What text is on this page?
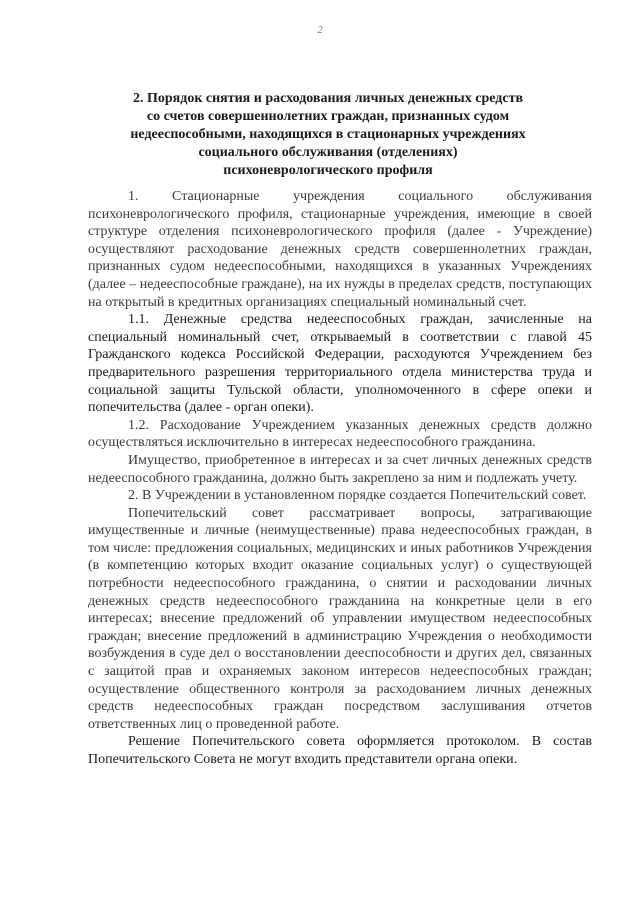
2
2. Порядок снятия и расходования личных денежных средств
со счетов совершеннолетних граждан, признанных судом
недееспособными, находящихся в стационарных учреждениях
социального обслуживания (отделениях)
психоневрологического профиля

1. Стационарные учреждения социального обслуживания психоневрологического профиля, стационарные учреждения, имеющие в своей структуре отделения психоневрологического профиля (далее - Учреждение) осуществляют расходование денежных средств совершеннолетних граждан, признанных судом недееспособными, находящихся в указанных Учреждениях (далее – недееспособные граждане), на их нужды в пределах средств, поступающих на открытый в кредитных организациях специальный номинальный счет.

1.1. Денежные средства недееспособных граждан, зачисленные на специальный номинальный счет, открываемый в соответствии с главой 45 Гражданского кодекса Российской Федерации, расходуются Учреждением без предварительного разрешения территориального отдела министерства труда и социальной защиты Тульской области, уполномоченного в сфере опеки и попечительства (далее - орган опеки).

1.2. Расходование Учреждением указанных денежных средств должно осуществляться исключительно в интересах недееспособного гражданина.

Имущество, приобретенное в интересах и за счет личных денежных средств недееспособного гражданина, должно быть закреплено за ним и подлежать учету.

2. В Учреждении в установленном порядке создается Попечительский совет.

Попечительский совет рассматривает вопросы, затрагивающие имущественные и личные (неимущественные) права недееспособных граждан, в том числе: предложения социальных, медицинских и иных работников Учреждения (в компетенцию которых входит оказание социальных услуг) о существующей потребности недееспособного гражданина, о снятии и расходовании личных денежных средств недееспособного гражданина на конкретные цели в его интересах; внесение предложений об управлении имуществом недееспособных граждан; внесение предложений в администрацию Учреждения о необходимости возбуждения в суде дел о восстановлении дееспособности и других дел, связанных с защитой прав и охраняемых законом интересов недееспособных граждан; осуществление общественного контроля за расходованием личных денежных средств недееспособных граждан посредством заслушивания отчетов ответственных лиц о проведенной работе.

Решение Попечительского совета оформляется протоколом. В состав Попечительского Совета не могут входить представители органа опеки.
